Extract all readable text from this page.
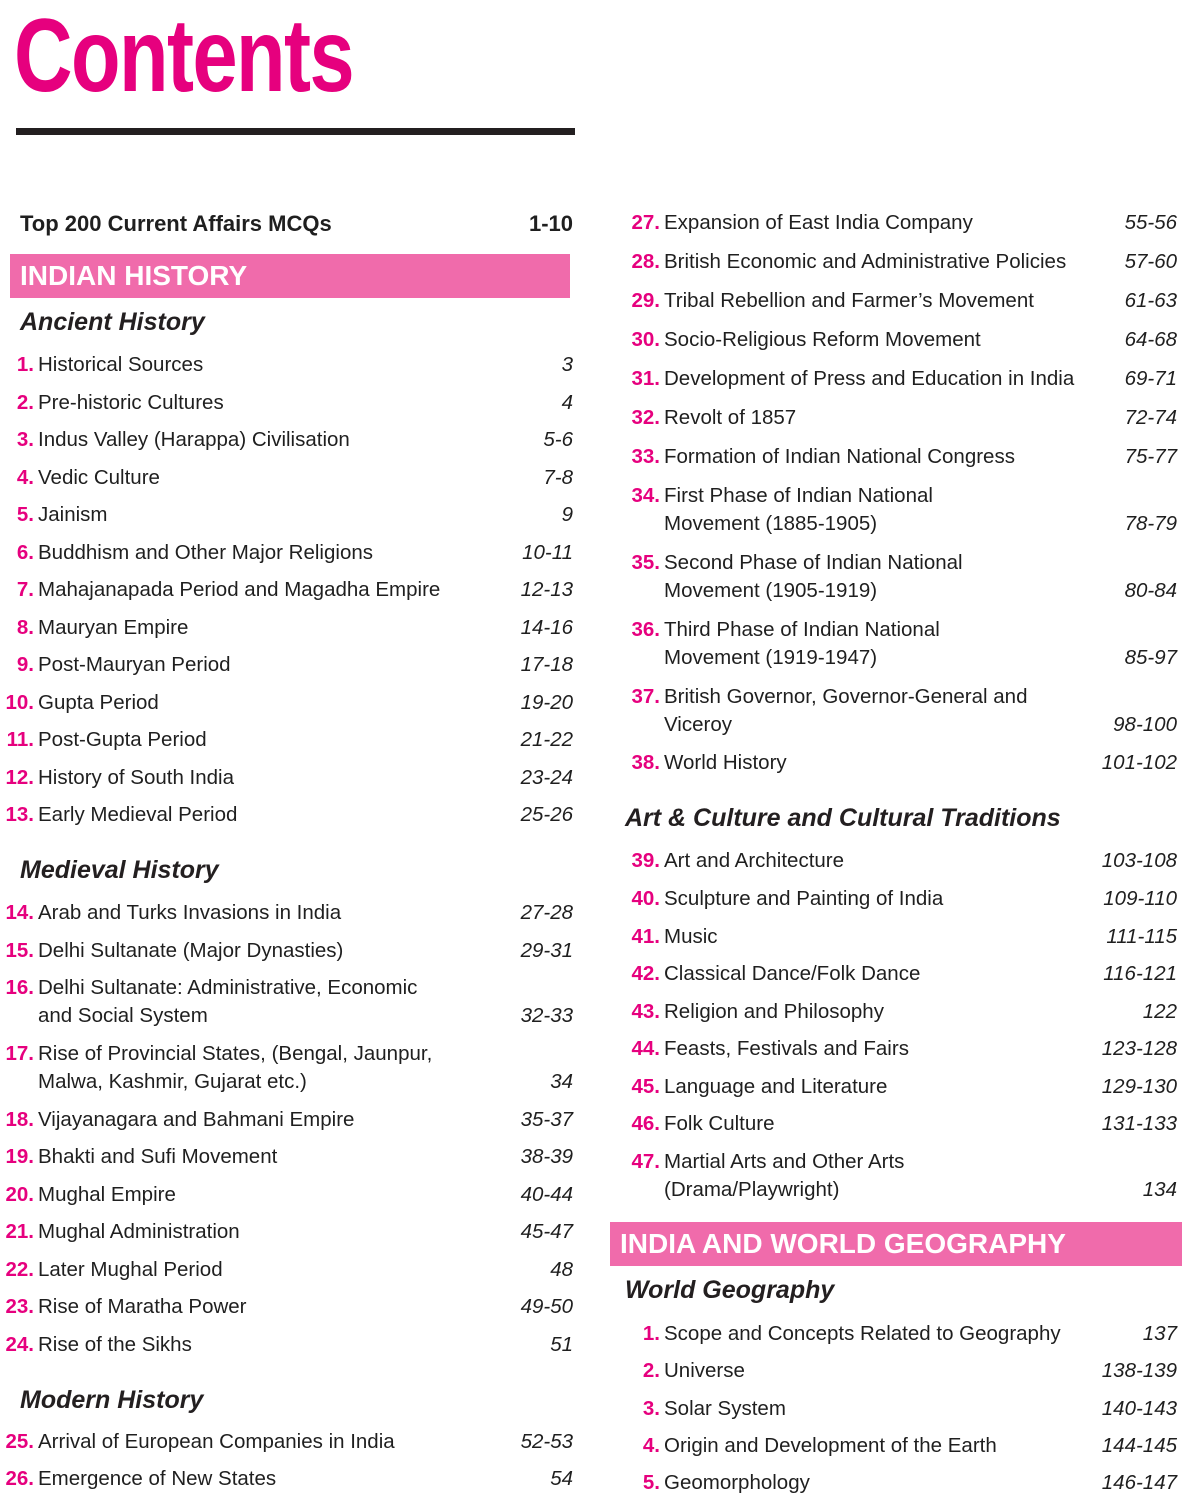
Contents
Top 200 Current Affairs MCQs	1-10
INDIAN HISTORY
INDIA AND WORLD GEOGRAPHY
Ancient History
Medieval History
Modern History
Art & Culture and Cultural Traditions
World Geography
1. Historical Sources	3
2. Pre-historic Cultures	4
3. Indus Valley (Harappa) Civilisation	5-6
4. Vedic Culture	7-8
5. Jainism	9
6. Buddhism and Other Major Religions	10-11
7. Mahajanapada Period and Magadha Empire	12-13
8. Mauryan Empire	14-16
9. Post-Mauryan Period	17-18
10. Gupta Period	19-20
11. Post-Gupta Period	21-22
12. History of South India	23-24
13. Early Medieval Period	25-26
14. Arab and Turks Invasions in India	27-28
15. Delhi Sultanate (Major Dynasties)	29-31
16. Delhi Sultanate: Administrative, Economic
and Social System	32-33
17. Rise of Provincial States, (Bengal, Jaunpur,
Malwa, Kashmir, Gujarat etc.)	34
18. Vijayanagara and Bahmani Empire	35-37
19. Bhakti and Sufi Movement	38-39
20. Mughal Empire	40-44
21. Mughal Administration	45-47
22. Later Mughal Period	48
23. Rise of Maratha Power	49-50
24. Rise of the Sikhs	51
25. Arrival of European Companies in India	52-53
26. Emergence of New States	54
27. Expansion of East India Company	55-56
28. British Economic and Administrative Policies	57-60
29. Tribal Rebellion and Farmer’s Movement	61-63
30. Socio-Religious Reform Movement	64-68
31. Development of Press and Education in India	69-71
32. Revolt of 1857	72-74
33. Formation of Indian National Congress	75-77
34. First Phase of Indian National
Movement (1885-1905)	78-79
35. Second Phase of Indian National
Movement (1905-1919)	80-84
36. Third Phase of Indian National
Movement (1919-1947)	85-97
37. British Governor, Governor-General and
Viceroy	98-100
38. World History	101-102
39. Art and Architecture	103-108
40. Sculpture and Painting of India	109-110
41. Music	111-115
42. Classical Dance/Folk Dance	116-121
43. Religion and Philosophy	122
44. Feasts, Festivals and Fairs	123-128
45. Language and Literature	129-130
46. Folk Culture	131-133
47. Martial Arts and Other Arts
(Drama/Playwright)	134
1. Scope and Concepts Related to Geography	137
2. Universe	138-139
3. Solar System	140-143
4. Origin and Development of the Earth	144-145
5. Geomorphology	146-147
